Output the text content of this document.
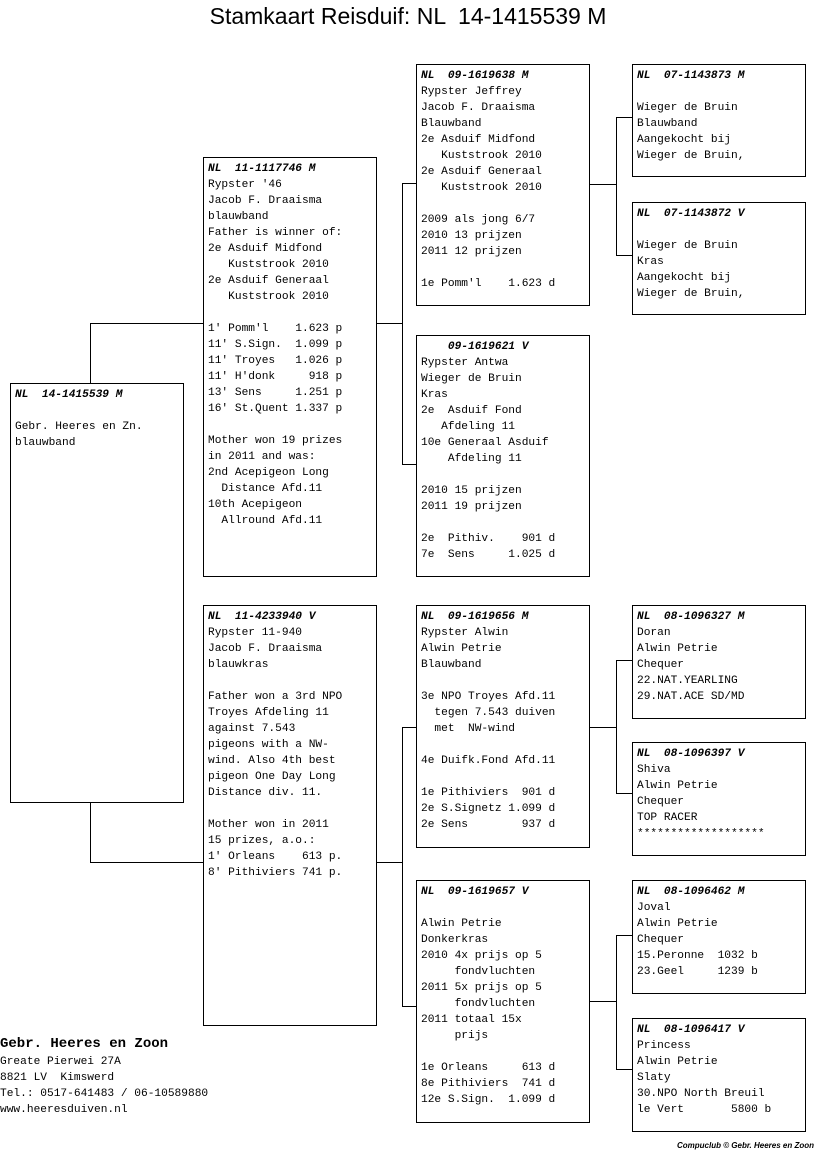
Stamkaart Reisduif: NL  14-1415539 M
NL  14-1415539 M
Gebr. Heeres en Zn.
blauwband
NL  11-1117746 M
Rypster '46
Jacob F. Draaisma
blauwband
Father is winner of:
2e Asduif Midfond
Kuststrook 2010
2e Asduif Generaal
Kuststrook 2010
1' Pomm'l    1.623 p
11' S.Sign.  1.099 p
11' Troyes   1.026 p
11' H'donk     918 p
13' Sens     1.251 p
16' St.Quent 1.337 p
Mother won 19 prizes
in 2011 and was:
2nd Acepigeon Long
Distance Afd.11
10th Acepigeon
Allround Afd.11
NL  11-4233940 V
Rypster 11-940
Jacob F. Draaisma
blauwkras
Father won a 3rd NPO
Troyes Afdeling 11
against 7.543
pigeons with a NW-
wind. Also 4th best
pigeon One Day Long
Distance div. 11.
Mother won in 2011
15 prizes, a.o.:
1' Orleans    613 p.
8' Pithiviers 741 p.
NL  09-1619638 M
Rypster Jeffrey
Jacob F. Draaisma
Blauwband
2e Asduif Midfond
Kuststrook 2010
2e Asduif Generaal
Kuststrook 2010
2009 als jong 6/7
2010 13 prijzen
2011 12 prijzen
1e Pomm'l    1.623 d
09-1619621 V
Rypster Antwa
Wieger de Bruin
Kras
2e  Asduif Fond
Afdeling 11
10e Generaal Asduif
Afdeling 11
2010 15 prijzen
2011 19 prijzen
2e  Pithiv.    901 d
7e  Sens     1.025 d
NL  09-1619656 M
Rypster Alwin
Alwin Petrie
Blauwband
3e NPO Troyes Afd.11
tegen 7.543 duiven
met  NW-wind
4e Duifk.Fond Afd.11
1e Pithiviers  901 d
2e S.Signetz 1.099 d
2e Sens        937 d
NL  09-1619657 V
Alwin Petrie
Donkerkras
2010 4x prijs op 5
fondvluchten
2011 5x prijs op 5
fondvluchten
2011 totaal 15x
prijs
1e Orleans     613 d
8e Pithiviers  741 d
12e S.Sign.  1.099 d
NL  07-1143873 M
Wieger de Bruin
Blauwband
Aangekocht bij
Wieger de Bruin,
NL  07-1143872 V
Wieger de Bruin
Kras
Aangekocht bij
Wieger de Bruin,
NL  08-1096327 M
Doran
Alwin Petrie
Chequer
22.NAT.YEARLING
29.NAT.ACE SD/MD
NL  08-1096397 V
Shiva
Alwin Petrie
Chequer
TOP RACER
*******************
NL  08-1096462 M
Joval
Alwin Petrie
Chequer
15.Peronne  1032 b
23.Geel     1239 b
NL  08-1096417 V
Princess
Alwin Petrie
Slaty
30.NPO North Breuil
le Vert       5800 b
Gebr. Heeres en Zoon
Greate Pierwei 27A
8821 LV  Kimswerd
Tel.: 0517-641483 / 06-10589880
www.heeresduiven.nl
Compuclub © Gebr. Heeres en Zoon
